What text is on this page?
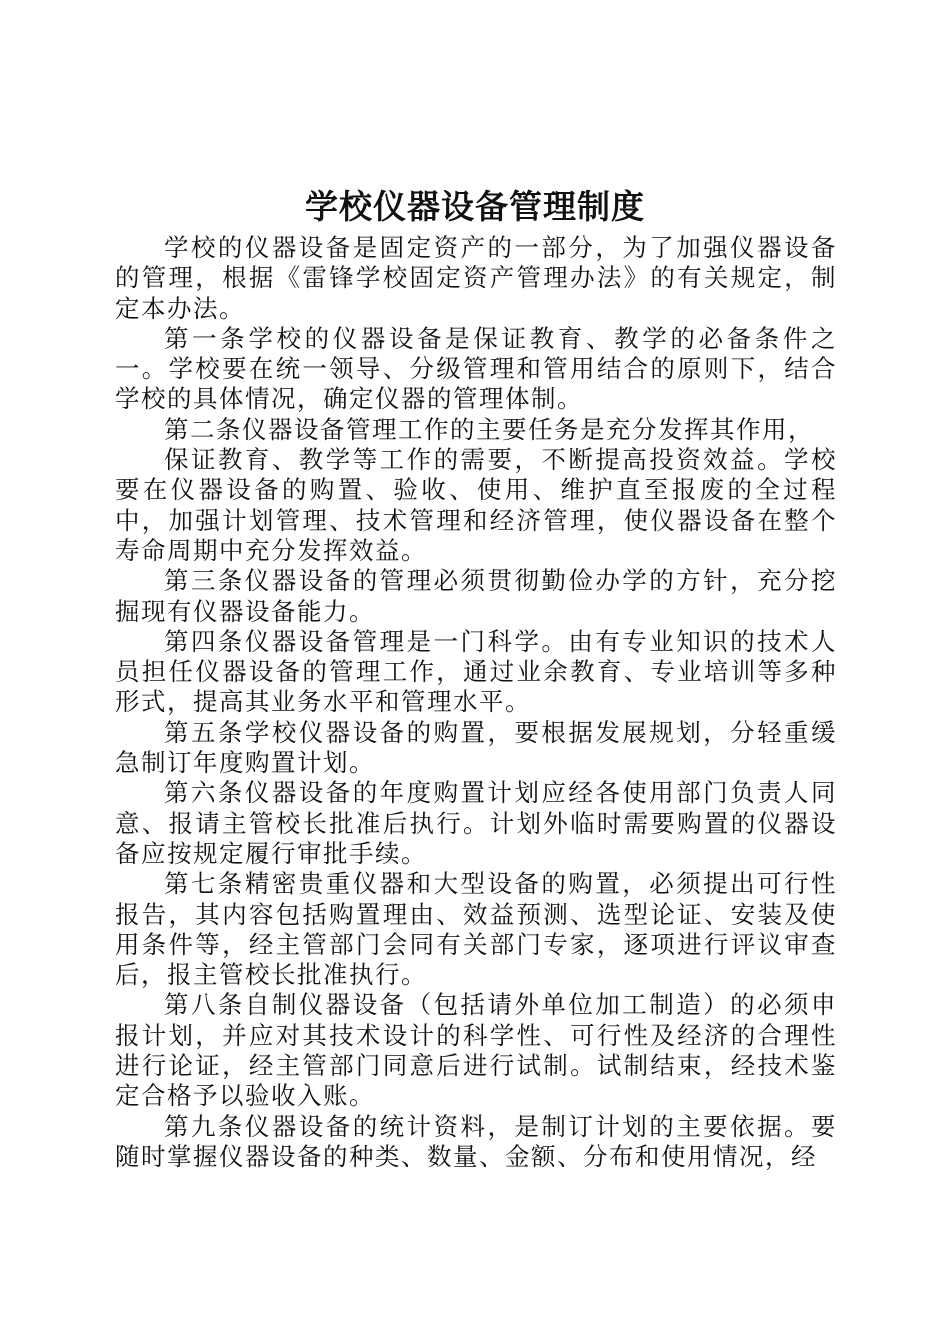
学校仪器设备管理制度

学校的仪器设备是固定资产的一部分，为了加强仪器设备的管理，根据《雷锋学校固定资产管理办法》的有关规定，制定本办法。

第一条学校的仪器设备是保证教育、教学的必备条件之一。学校要在统一领导、分级管理和管用结合的原则下，结合学校的具体情况，确定仪器的管理体制。

第二条仪器设备管理工作的主要任务是充分发挥其作用，

保证教育、教学等工作的需要，不断提高投资效益。学校要在仪器设备的购置、验收、使用、维护直至报废的全过程中，加强计划管理、技术管理和经济管理，使仪器设备在整个寿命周期中充分发挥效益。

第三条仪器设备的管理必须贯彻勤俭办学的方针，充分挖掘现有仪器设备能力。

第四条仪器设备管理是一门科学。由有专业知识的技术人员担任仪器设备的管理工作，通过业余教育、专业培训等多种形式，提高其业务水平和管理水平。

第五条学校仪器设备的购置，要根据发展规划，分轻重缓急制订年度购置计划。

第六条仪器设备的年度购置计划应经各使用部门负责人同意、报请主管校长批准后执行。计划外临时需要购置的仪器设备应按规定履行审批手续。

第七条精密贵重仪器和大型设备的购置，必须提出可行性报告，其内容包括购置理由、效益预测、选型论证、安装及使用条件等，经主管部门会同有关部门专家，逐项进行评议审查后，报主管校长批准执行。

第八条自制仪器设备（包括请外单位加工制造）的必须申报计划，并应对其技术设计的科学性、可行性及经济的合理性进行论证，经主管部门同意后进行试制。试制结束，经技术鉴定合格予以验收入账。

第九条仪器设备的统计资料，是制订计划的主要依据。要随时掌握仪器设备的种类、数量、金额、分布和使用情况，经
